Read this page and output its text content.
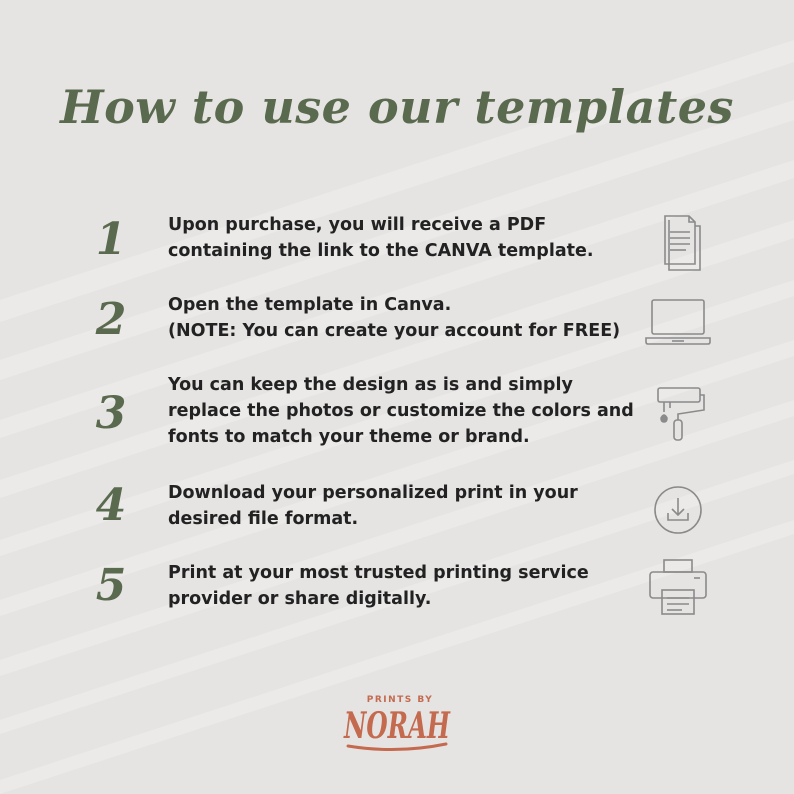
How to use our templates
1	Upon purchase, you will receive a PDF
containing the link to the CANVA template.
2	Open the template in Canva.
(NOTE: You can create your account for FREE)
3
You can keep the design as is and simply
replace the photos or customize the colors and
fonts to match your theme or brand.
4	Download your personalized print in your
desired file format.
5	Print at your most trusted printing service
provider or share digitally.
PRINTS BY
NORAH
